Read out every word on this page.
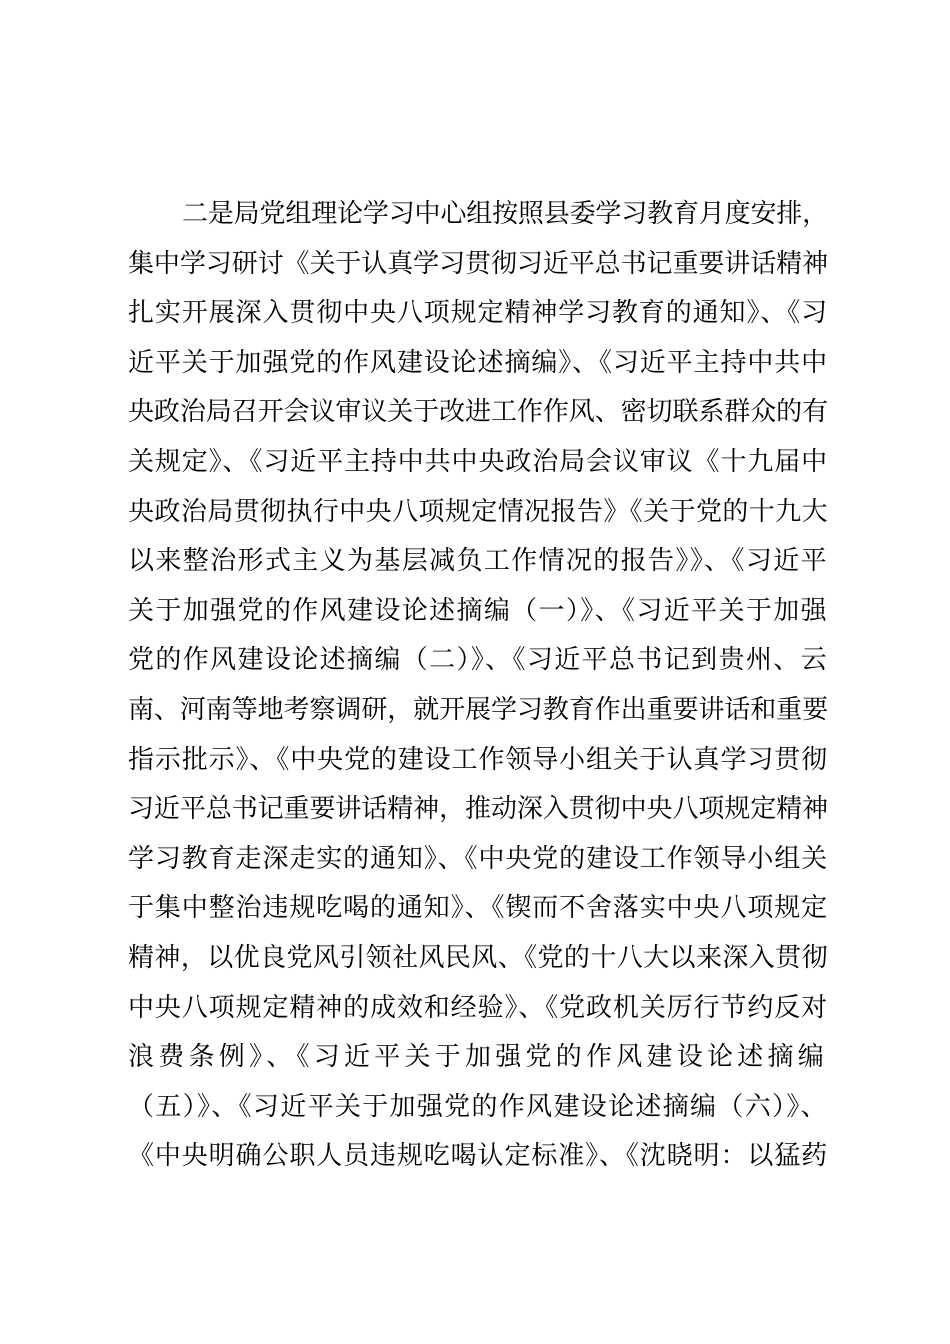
二是局党组理论学习中心组按照县委学习教育月度安排，
集中学习研讨《关于认真学习贯彻习近平总书记重要讲话精神
扎实开展深入贯彻中央八项规定精神学习教育的通知》、《习
近平关于加强党的作风建设论述摘编》、《习近平主持中共中
央政治局召开会议审议关于改进工作作风、密切联系群众的有
关规定》、《习近平主持中共中央政治局会议审议《十九届中
央政治局贯彻执行中央八项规定情况报告》《关于党的十九大
以来整治形式主义为基层减负工作情况的报告》》、《习近平
关于加强党的作风建设论述摘编（一）》、《习近平关于加强
党的作风建设论述摘编（二）》、《习近平总书记到贵州、云
南、河南等地考察调研，就开展学习教育作出重要讲话和重要
指示批示》、《中央党的建设工作领导小组关于认真学习贯彻
习近平总书记重要讲话精神，推动深入贯彻中央八项规定精神
学习教育走深走实的通知》、《中央党的建设工作领导小组关
于集中整治违规吃喝的通知》、《锲而不舍落实中央八项规定
精神，以优良党风引领社风民风、《党的十八大以来深入贯彻
中央八项规定精神的成效和经验》、《党政机关厉行节约反对
浪费条例》、《习近平关于加强党的作风建设论述摘编
（五）》、《习近平关于加强党的作风建设论述摘编（六）》、
《中央明确公职人员违规吃喝认定标准》、《沈晓明：以猛药
